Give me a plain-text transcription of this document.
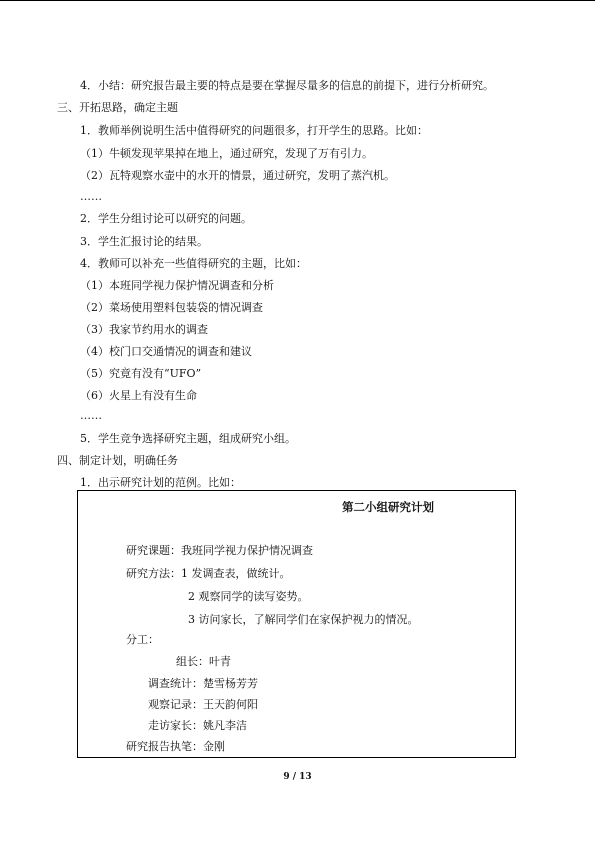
4．小结：研究报告最主要的特点是要在掌握尽量多的信息的前提下，进行分析研究。
三、开拓思路，确定主题
1．教师举例说明生活中值得研究的问题很多，打开学生的思路。比如：
（1）牛顿发现苹果掉在地上，通过研究，发现了万有引力。
（2）瓦特观察水壶中的水开的情景，通过研究，发明了蒸汽机。
……
2．学生分组讨论可以研究的问题。
3．学生汇报讨论的结果。
4．教师可以补充一些值得研究的主题，比如：
（1）本班同学视力保护情况调查和分析
（2）菜场使用塑料包装袋的情况调查
（3）我家节约用水的调查
（4）校门口交通情况的调查和建议
（5）究竟有没有“UFO”
（6）火星上有没有生命
……
5．学生竞争选择研究主题，组成研究小组。
四、制定计划，明确任务
1．出示研究计划的范例。比如：
第二小组研究计划
研究课题：我班同学视力保护情况调查
研究方法：1 发调查表，做统计。
2 观察同学的读写姿势。
3 访问家长，了解同学们在家保护视力的情况。
分工：
组长：叶青
调查统计：楚雪杨芳芳
观察记录：王天韵何阳
走访家长：姚凡李洁
研究报告执笔：金刚
9 / 13
